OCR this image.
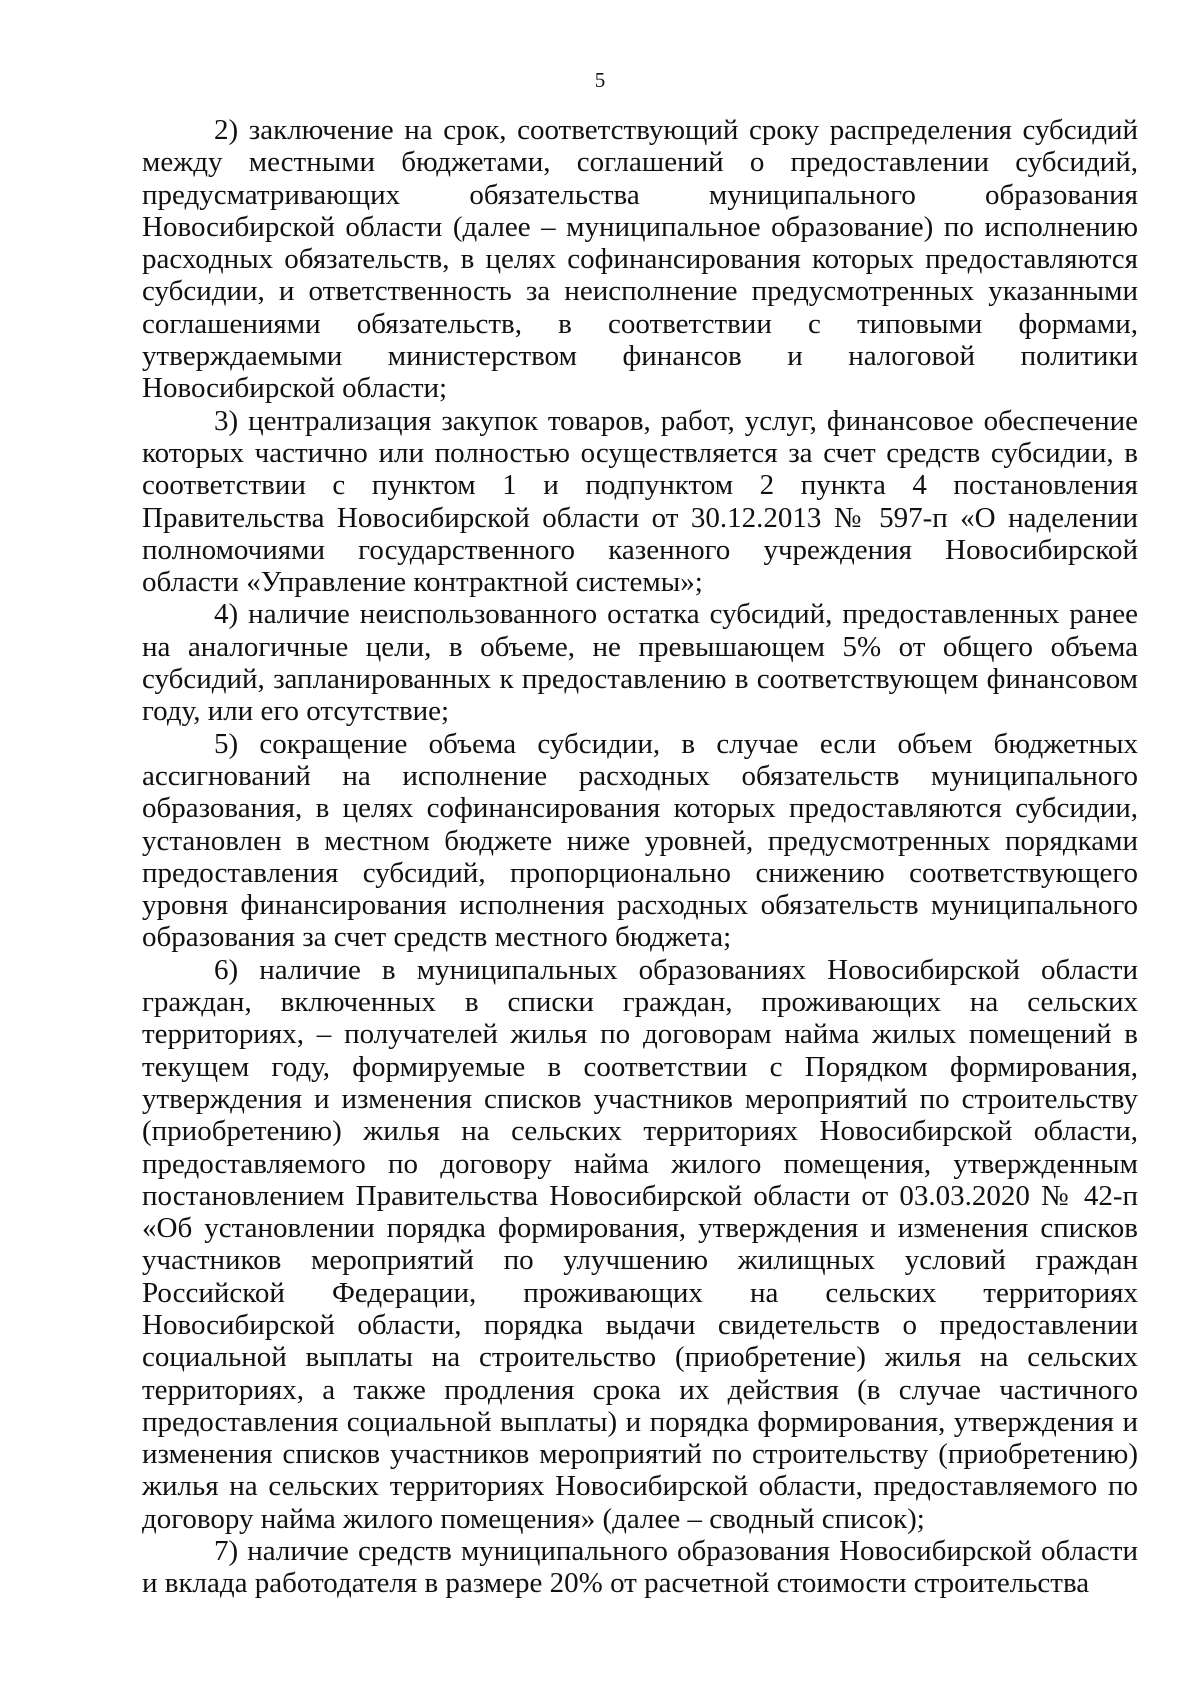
5

2) заключение на срок, соответствующий сроку распределения субсидий между местными бюджетами, соглашений о предоставлении субсидий, предусматривающих обязательства муниципального образования Новосибирской области (далее – муниципальное образование) по исполнению расходных обязательств, в целях софинансирования которых предоставляются субсидии, и ответственность за неисполнение предусмотренных указанными соглашениями обязательств, в соответствии с типовыми формами, утверждаемыми министерством финансов и налоговой политики Новосибирской области;

3) централизация закупок товаров, работ, услуг, финансовое обеспечение которых частично или полностью осуществляется за счет средств субсидии, в соответствии с пунктом 1 и подпунктом 2 пункта 4 постановления Правительства Новосибирской области от 30.12.2013 № 597-п «О наделении полномочиями государственного казенного учреждения Новосибирской области «Управление контрактной системы»;

4) наличие неиспользованного остатка субсидий, предоставленных ранее на аналогичные цели, в объеме, не превышающем 5% от общего объема субсидий, запланированных к предоставлению в соответствующем финансовом году, или его отсутствие;

5) сокращение объема субсидии, в случае если объем бюджетных ассигнований на исполнение расходных обязательств муниципального образования, в целях софинансирования которых предоставляются субсидии, установлен в местном бюджете ниже уровней, предусмотренных порядками предоставления субсидий, пропорционально снижению соответствующего уровня финансирования исполнения расходных обязательств муниципального образования за счет средств местного бюджета;

6) наличие в муниципальных образованиях Новосибирской области граждан, включенных в списки граждан, проживающих на сельских территориях, – получателей жилья по договорам найма жилых помещений в текущем году, формируемые в соответствии с Порядком формирования, утверждения и изменения списков участников мероприятий по строительству (приобретению) жилья на сельских территориях Новосибирской области, предоставляемого по договору найма жилого помещения, утвержденным постановлением Правительства Новосибирской области от 03.03.2020 № 42-п «Об установлении порядка формирования, утверждения и изменения списков участников мероприятий по улучшению жилищных условий граждан Российской Федерации, проживающих на сельских территориях Новосибирской области, порядка выдачи свидетельств о предоставлении социальной выплаты на строительство (приобретение) жилья на сельских территориях, а также продления срока их действия (в случае частичного предоставления социальной выплаты) и порядка формирования, утверждения и изменения списков участников мероприятий по строительству (приобретению) жилья на сельских территориях Новосибирской области, предоставляемого по договору найма жилого помещения» (далее – сводный список);

7) наличие средств муниципального образования Новосибирской области и вклада работодателя в размере 20% от расчетной стоимости строительства
